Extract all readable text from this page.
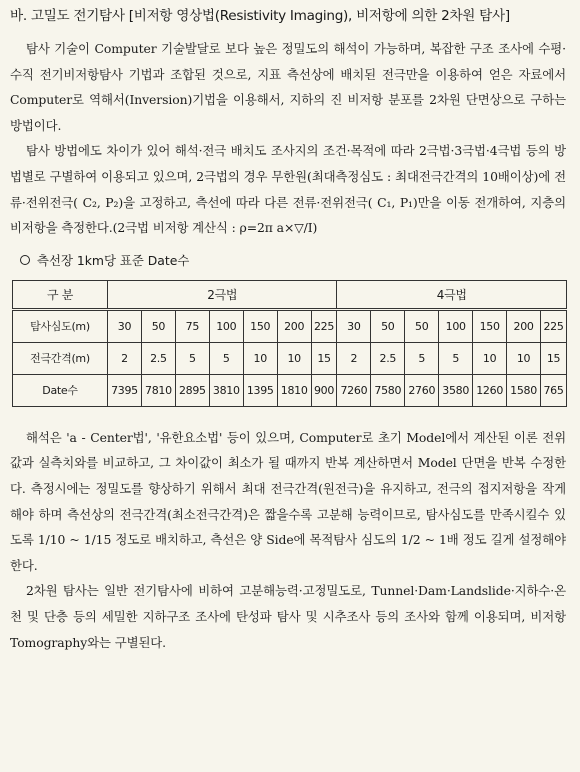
바. 고밀도 전기탐사 [비저항 영상법(Resistivity Imaging), 비저항에 의한 2차원 탐사]

탐사 기술이 Computer 기술발달로 보다 높은 정밀도의 해석이 가능하며, 복잡한 구조 조사에 수평·수직 전기비저항탐사 기법과 조합된 것으로, 지표 측선상에 배치된 전극만을 이용하여 얻은 자료에서 Computer로 역해서(Inversion)기법을 이용해서, 지하의 진 비저항 분포를 2차원 단면상으로 구하는 방법이다.

탐사 방법에도 차이가 있어 해석·전극 배치도 조사지의 조건·목적에 따라 2극법·3극법·4극법 등의 방법별로 구별하여 이용되고 있으며, 2극법의 경우 무한원(최대측정심도 : 최대전극간격의 10배이상)에 전류·전위전극( C₂, P₂)을 고정하고, 측선에 따라 다른 전류·전위전극( C₁, P₁)만을 이동 전개하여, 지층의 비저항을 측정한다.(2극법 비저항 계산식 : ρ=2π a×▽/I)

측선장 1km당 표준 Date수
구 분	2극법							4극법						
탐사심도(m)	30	50	75	100	150	200	225	30	50	50	100	150	200	225
전극간격(m)	2	2.5	5	5	10	10	15	2	2.5	5	5	10	10	15
Date수	7395	7810	2895	3810	1395	1810	900	7260	7580	2760	3580	1260	1580	765

해석은 'a - Center법', '유한요소법' 등이 있으며, Computer로 초기 Model에서 계산된 이론 전위값과 실측치와를 비교하고, 그 차이값이 최소가 될 때까지 반복 계산하면서 Model 단면을 반복 수정한다. 측정시에는 정밀도를 향상하기 위해서 최대 전극간격(원전극)을 유지하고, 전극의 접지저항을 작게 해야 하며 측선상의 전극간격(최소전극간격)은 짧을수록 고분해 능력이므로, 탐사심도를 만족시킬수 있도록 1/10 ~ 1/15 정도로 배치하고, 측선은 양 Side에 목적탐사 심도의 1/2 ~ 1배 정도 길게 설정해야 한다.

2차원 탐사는 일반 전기탐사에 비하여 고분해능력·고정밀도로, Tunnel·Dam·Landslide·지하수·온천 및 단층 등의 세밀한 지하구조 조사에 탄성파 탐사 및 시추조사 등의 조사와 함께 이용되며, 비저항 Tomography와는 구별된다.
